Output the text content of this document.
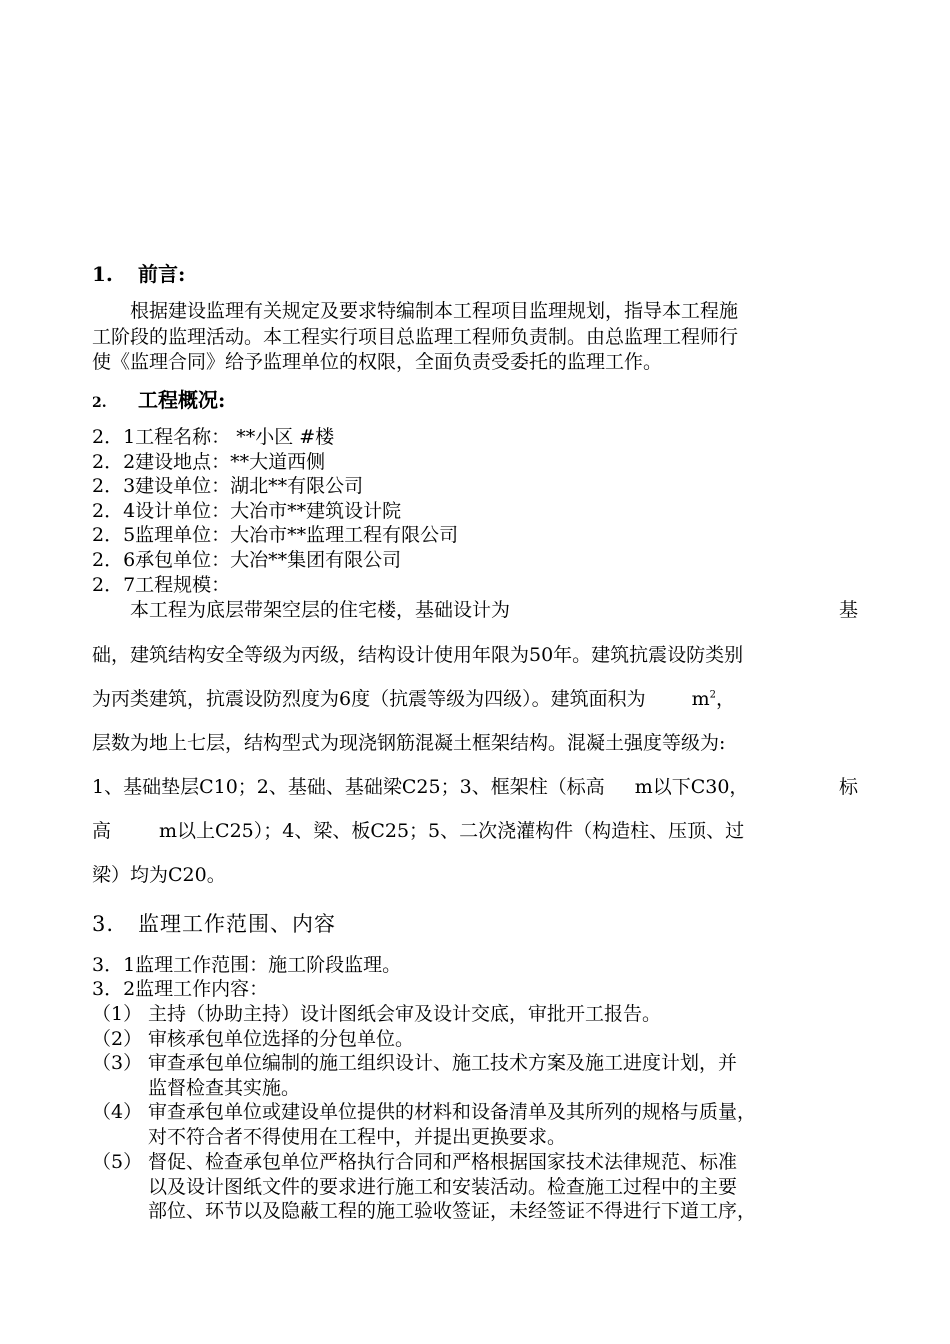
1. 前言:
根据建设监理有关规定及要求特编制本工程项目监理规划，指导本工程施
工阶段的监理活动。本工程实行项目总监理工程师负责制。由总监理工程师行
使《监理合同》给予监理单位的权限，全面负责受委托的监理工作。
2. 工程概况:
2．1工程名称： **小区 #楼
2．2建设地点：**大道西侧
2．3建设单位：湖北**有限公司
2．4设计单位：大冶市**建筑设计院
2．5监理单位：大冶市**监理工程有限公司
2．6承包单位：大冶**集团有限公司
2．7工程规模：
本工程为底层带架空层的住宅楼，基础设计为	基
础，建筑结构安全等级为丙级，结构设计使用年限为50年。建筑抗震设防类别
为丙类建筑，抗震设防烈度为6度（抗震等级为四级）。建筑面积为 $m^2$，
层数为地上七层，结构型式为现浇钢筋混凝土框架结构。混凝土强度等级为:
1、基础垫层C10；2、基础、基础梁C25；3、框架柱（标高 m以下C30，	标
高	m以上C25）；4、梁、板C25；5、二次浇灌构件（构造柱、压顶、过
梁）均为C20。
3. 监理工作范围、内容
3．1监理工作范围：施工阶段监理。
3．2监理工作内容：
（1） 主持（协助主持）设计图纸会审及设计交底，审批开工报告。
（2） 审核承包单位选择的分包单位。
（3） 审查承包单位编制的施工组织设计、施工技术方案及施工进度计划，并
监督检查其实施。
（4） 审查承包单位或建设单位提供的材料和设备清单及其所列的规格与质量，
对不符合者不得使用在工程中，并提出更换要求。
（5） 督促、检查承包单位严格执行合同和严格根据国家技术法律规范、标准
以及设计图纸文件的要求进行施工和安装活动。检查施工过程中的主要
部位、环节以及隐蔽工程的施工验收签证，未经签证不得进行下道工序，
